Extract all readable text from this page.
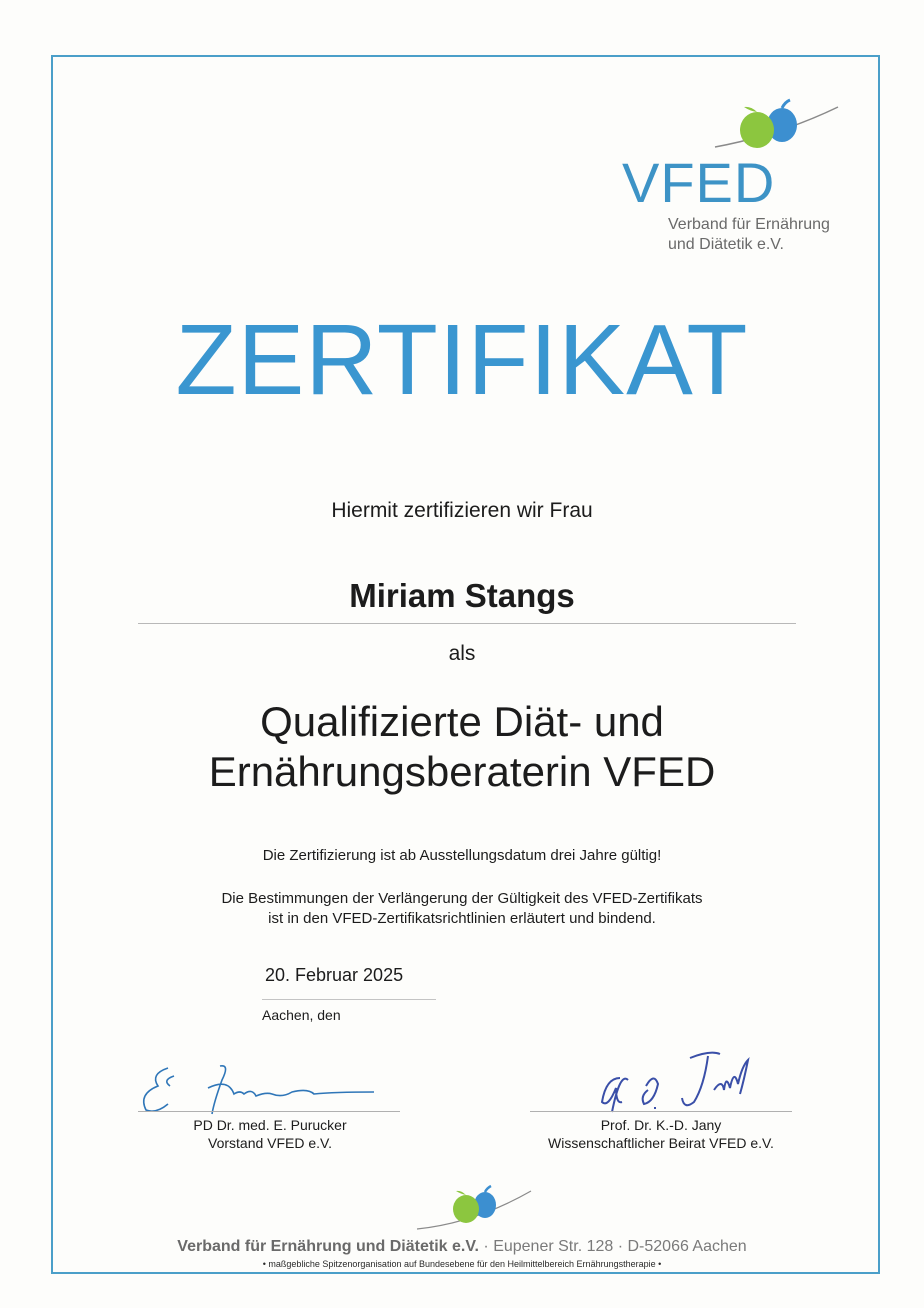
VFED
Verband für Ernährung
und Diätetik e.V.
ZERTIFIKAT
Hiermit zertifizieren wir Frau
Miriam Stangs
als
Qualifizierte Diät- und
Ernährungsberaterin VFED
Die Zertifizierung ist ab Ausstellungsdatum drei Jahre gültig!
Die Bestimmungen der Verlängerung der Gültigkeit des VFED-Zertifikats
ist in den VFED-Zertifikatsrichtlinien erläutert und bindend.
20. Februar 2025
Aachen, den
PD Dr. med. E. Purucker
Vorstand VFED e.V.
Prof. Dr. K.-D. Jany
Wissenschaftlicher Beirat VFED e.V.
Verband für Ernährung und Diätetik e.V. · Eupener Str. 128 · D-52066 Aachen
• maßgebliche Spitzenorganisation auf Bundesebene für den Heilmittelbereich Ernährungstherapie •
